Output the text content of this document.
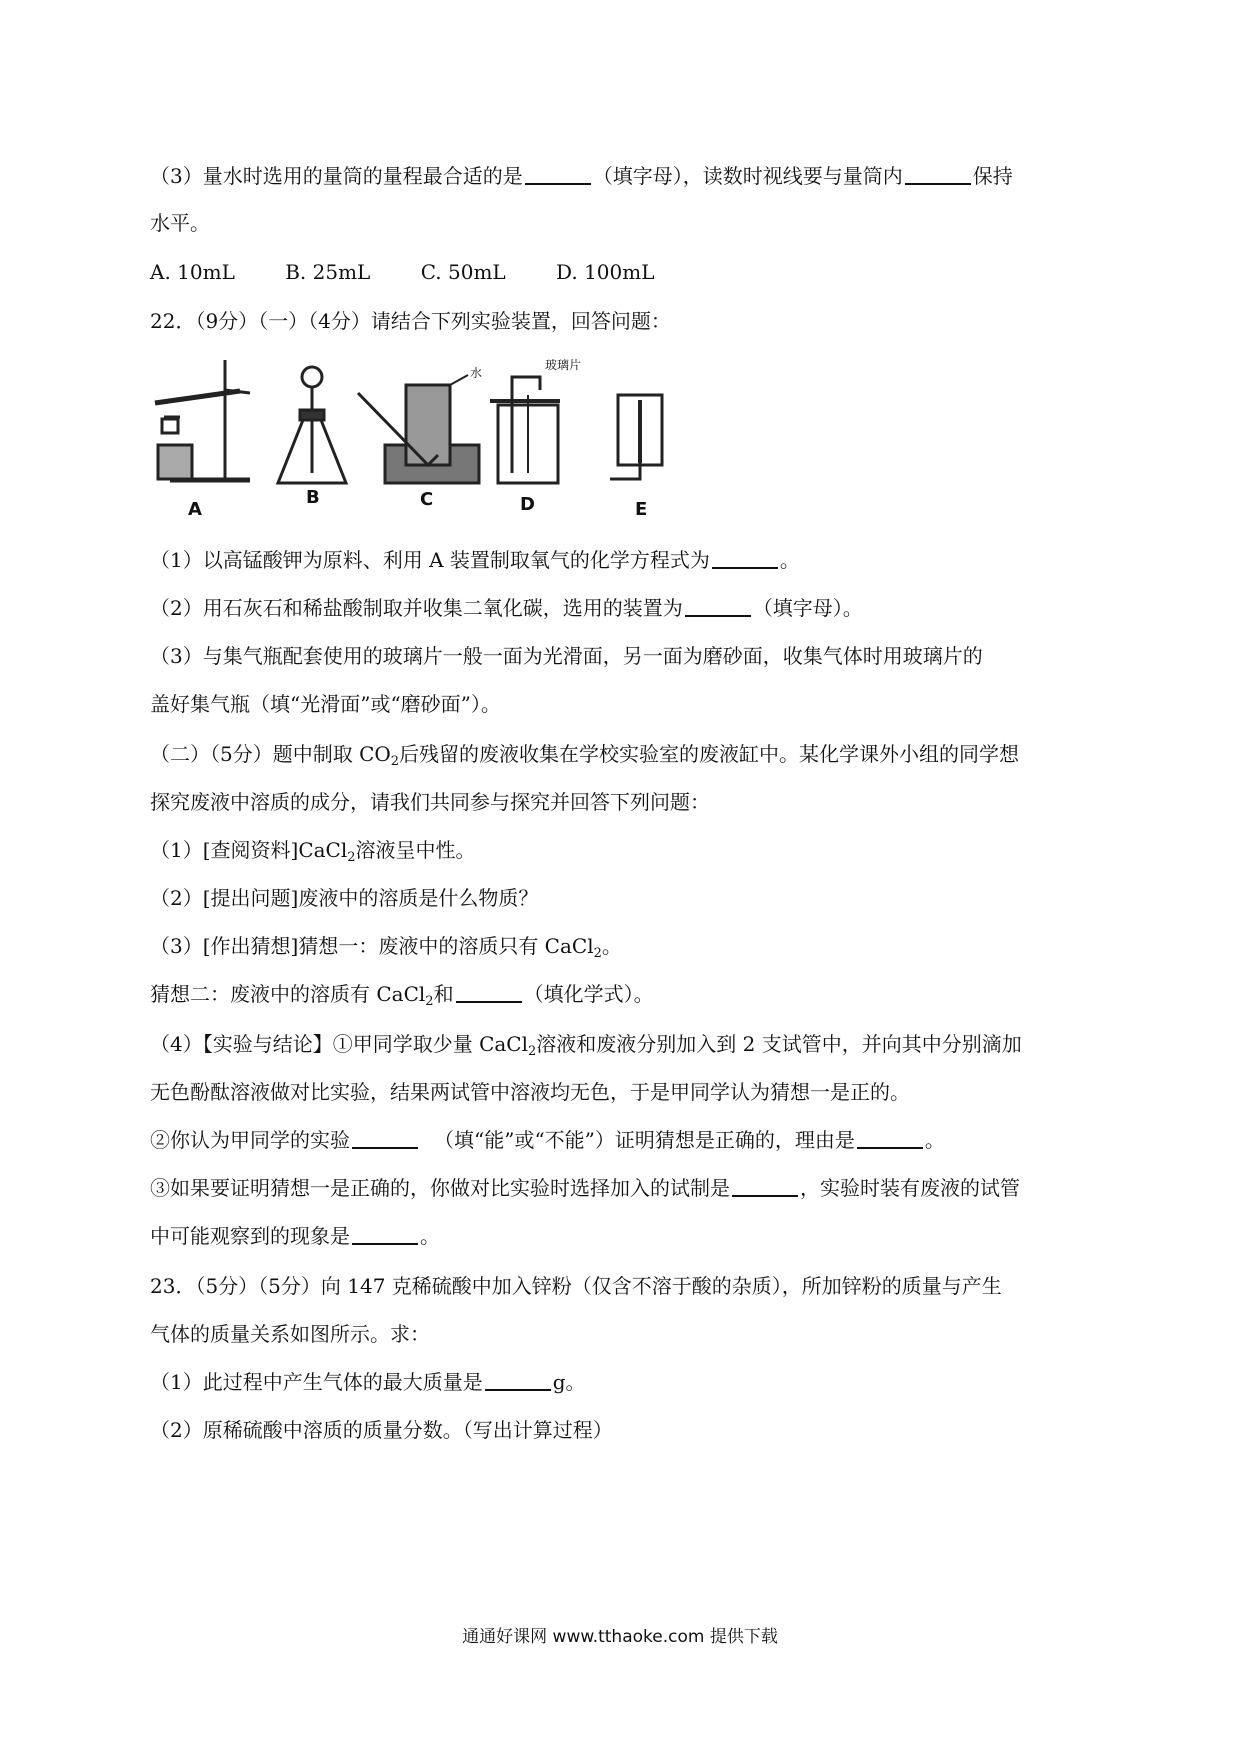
（3）量水时选用的量筒的量程最合适的是	（填字母），读数时视线要与量筒内	保持
水平。
A. 10mL	B. 25mL	C. 50mL	D. 100mL
22．（9分）（一）（4分）请结合下列实验装置，回答问题：
A
B	C	D	E
水
玻璃片
（1）以高锰酸钾为原料、利用 A 装置制取氧气的化学方程式为	。
（2）用石灰石和稀盐酸制取并收集二氧化碳，选用的装置为	（填字母）。
（3）与集气瓶配套使用的玻璃片一般一面为光滑面，另一面为磨砂面，收集气体时用玻璃片的
盖好集气瓶（填“光滑面”或“磨砂面”）。
（二）（5分）题中制取 $CO_2$后残留的废液收集在学校实验室的废液缸中。某化学课外小组的同学想
探究废液中溶质的成分，请我们共同参与探究并回答下列问题：
（1）[查阅资料]CaCl$_2$溶液呈中性。
（2）[提出问题]废液中的溶质是什么物质？
（3）[作出猜想]猜想一：废液中的溶质只有 CaCl$_2$。
猜想二：废液中的溶质有 CaCl$_2$和	（填化学式）。
（4）【实验与结论】①甲同学取少量 CaCl$_2$溶液和废液分别加入到 2 支试管中，并向其中分别滴加
无色酚酞溶液做对比实验，结果两试管中溶液均无色，于是甲同学认为猜想一是正的。
②你认为甲同学的实验	（填“能”或“不能”）证明猜想是正确的，理由是	。
③如果要证明猜想一是正确的，你做对比实验时选择加入的试制是	，实验时装有废液的试管
中可能观察到的现象是	。
23．（5分）（5分）向 147 克稀硫酸中加入锌粉（仅含不溶于酸的杂质），所加锌粉的质量与产生
气体的质量关系如图所示。求：
（1）此过程中产生气体的最大质量是	g。
（2）原稀硫酸中溶质的质量分数。（写出计算过程）
通通好课网 www.tthaoke.com 提供下载
